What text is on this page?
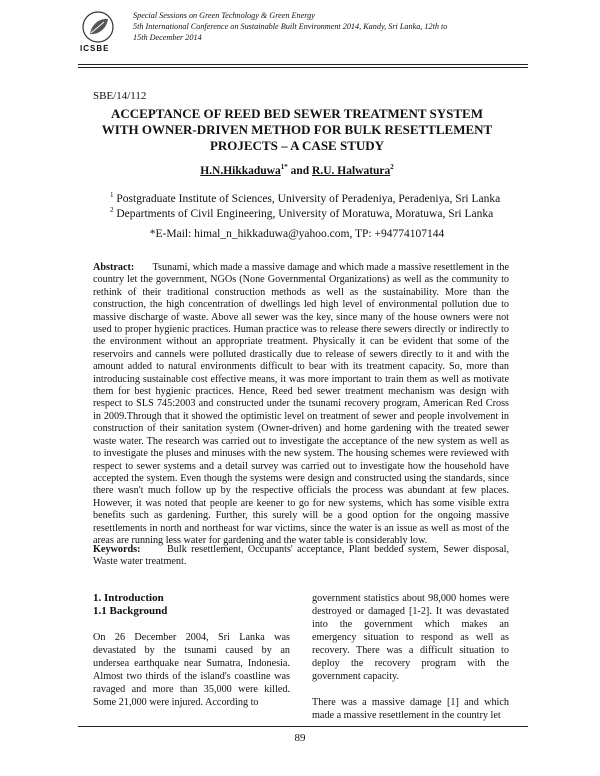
ICSBE
Special Sessions on Green Technology & Green Energy
5th International Conference on Sustainable Built Environment 2014, Kandy, Sri Lanka, 12th to
15th December 2014
SBE/14/112
ACCEPTANCE OF REED BED SEWER TREATMENT SYSTEM WITH OWNER-DRIVEN METHOD FOR BULK RESETTLEMENT PROJECTS – A CASE STUDY
H.N.Hikkaduwa$^{1*}$ and R.U. Halwatura$^2$
$^1$ Postgraduate Institute of Sciences, University of Peradeniya, Peradeniya, Sri Lanka
$^2$ Departments of Civil Engineering, University of Moratuwa, Moratuwa, Sri Lanka
*E-Mail: himal_n_hikkaduwa@yahoo.com, TP: +94774107144
Abstract: Tsunami, which made a massive damage and which made a massive resettlement in the country let the government, NGOs (None Governmental Organizations) as well as the community to rethink of their traditional construction methods as well as the sustainability. More than the construction, the high concentration of dwellings led high level of environmental pollution due to massive discharge of waste. Above all sewer was the key, since many of the house owners were not used to proper hygienic practices. Human practice was to release there sewers directly or indirectly to the environment without an appropriate treatment. Physically it can be evident that some of the reservoirs and cannels were polluted drastically due to release of sewers directly to it and with the amount added to natural environments difficult to bear with its treatment capacity. So, more than introducing sustainable cost effective means, it was more important to train them as well as motivate them for best hygienic practices. Hence, Reed bed sewer treatment mechanism was design with respect to SLS 745:2003 and constructed under the tsunami recovery program, American Red Cross in 2009.Through that it showed the optimistic level on treatment of sewer and people involvement in construction of their sanitation system (Owner-driven) and home gardening with the treated sewer waste water. The research was carried out to investigate the acceptance of the new system as well as to investigate the pluses and minuses with the new system. The housing schemes were reviewed with respect to sewer systems and a detail survey was carried out to investigate how the household have accepted the system. Even though the systems were design and constructed using the standards, since there wasn't much follow up by the respective officials the process was abundant at few places. However, it was noted that people are keener to go for new systems, which has some visible extra benefits such as gardening. Further, this surely will be a good option for the ongoing massive resettlements in north and northeast for war victims, since the water is an issue as well as most of the areas are running less water for gardening and the water table is considerably low.
Keywords:	Bulk resettlement, Occupants' acceptance, Plant bedded system, Sewer disposal, Waste water treatment.
1. Introduction
1.1 Background

On 26 December 2004, Sri Lanka was devastated by the tsunami caused by an undersea earthquake near Sumatra, Indonesia. Almost two thirds of the island's coastline was ravaged and more than 35,000 were killed. Some 21,000 were injured. According to

government statistics about 98,000 homes were destroyed or damaged [1-2]. It was devastated into the government which makes an emergency situation to respond as well as recovery. There was a difficult situation to deploy the recovery program with the government capacity.

There was a massive damage [1] and which made a massive resettlement in the country let

89
